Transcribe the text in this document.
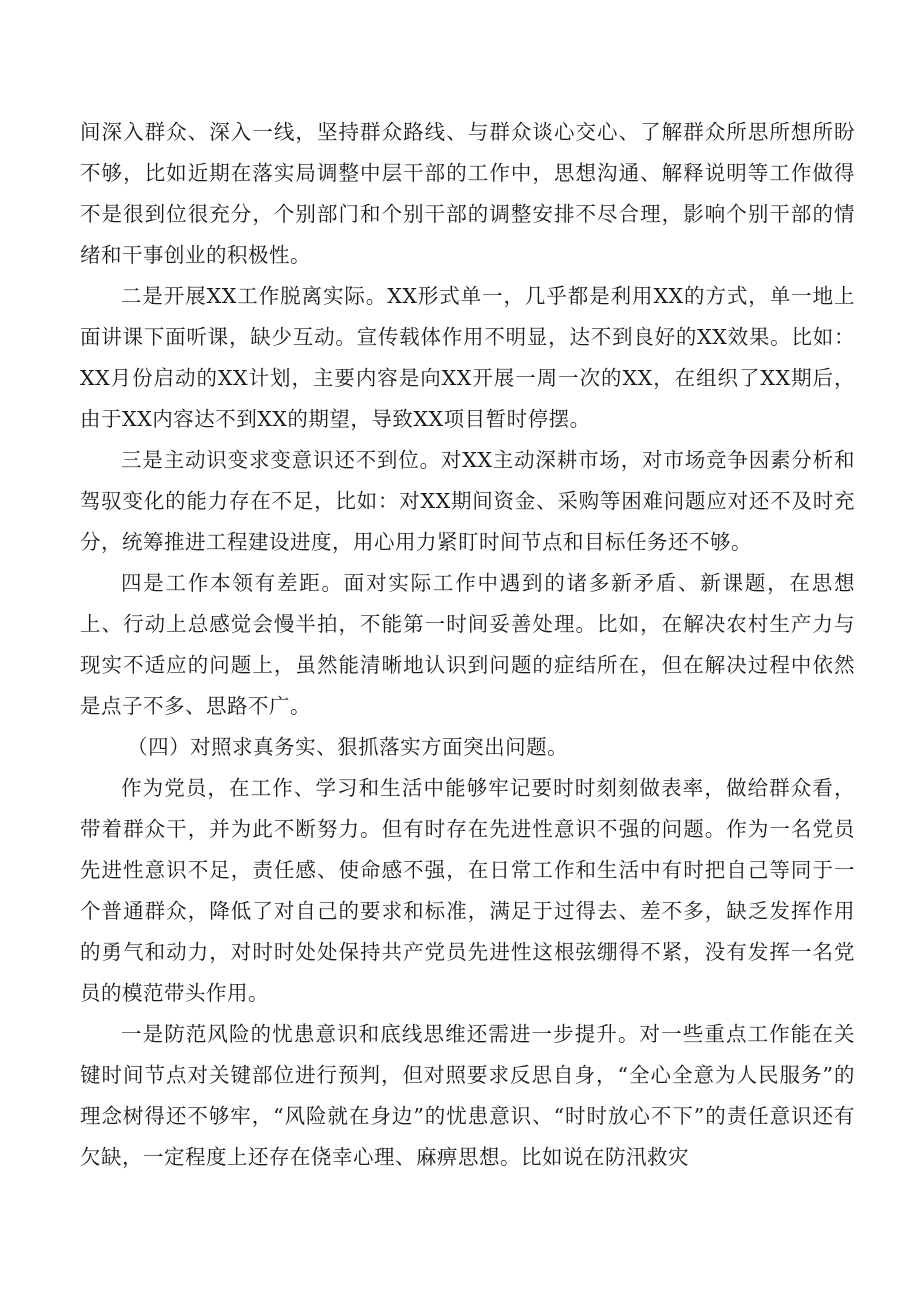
间深入群众、深入一线，坚持群众路线、与群众谈心交心、了解群众所思所想所盼不够，比如近期在落实局调整中层干部的工作中，思想沟通、解释说明等工作做得不是很到位很充分，个别部门和个别干部的调整安排不尽合理，影响个别干部的情绪和干事创业的积极性。

二是开展XX工作脱离实际。XX形式单一，几乎都是利用XX的方式，单一地上面讲课下面听课，缺少互动。宣传载体作用不明显，达不到良好的XX效果。比如：XX月份启动的XX计划，主要内容是向XX开展一周一次的XX，在组织了XX期后，由于XX内容达不到XX的期望，导致XX项目暂时停摆。

三是主动识变求变意识还不到位。对XX主动深耕市场，对市场竞争因素分析和驾驭变化的能力存在不足，比如：对XX期间资金、采购等困难问题应对还不及时充分，统筹推进工程建设进度，用心用力紧盯时间节点和目标任务还不够。

四是工作本领有差距。面对实际工作中遇到的诸多新矛盾、新课题，在思想上、行动上总感觉会慢半拍，不能第一时间妥善处理。比如，在解决农村生产力与现实不适应的问题上，虽然能清晰地认识到问题的症结所在，但在解决过程中依然是点子不多、思路不广。

（四）对照求真务实、狠抓落实方面突出问题。

作为党员，在工作、学习和生活中能够牢记要时时刻刻做表率，做给群众看，带着群众干，并为此不断努力。但有时存在先进性意识不强的问题。作为一名党员先进性意识不足，责任感、使命感不强，在日常工作和生活中有时把自己等同于一个普通群众，降低了对自己的要求和标准，满足于过得去、差不多，缺乏发挥作用的勇气和动力，对时时处处保持共产党员先进性这根弦绷得不紧，没有发挥一名党员的模范带头作用。

一是防范风险的忧患意识和底线思维还需进一步提升。对一些重点工作能在关键时间节点对关键部位进行预判，但对照要求反思自身，“全心全意为人民服务”的理念树得还不够牢，“风险就在身边”的忧患意识、“时时放心不下”的责任意识还有欠缺，一定程度上还存在侥幸心理、麻痹思想。比如说在防汛救灾
